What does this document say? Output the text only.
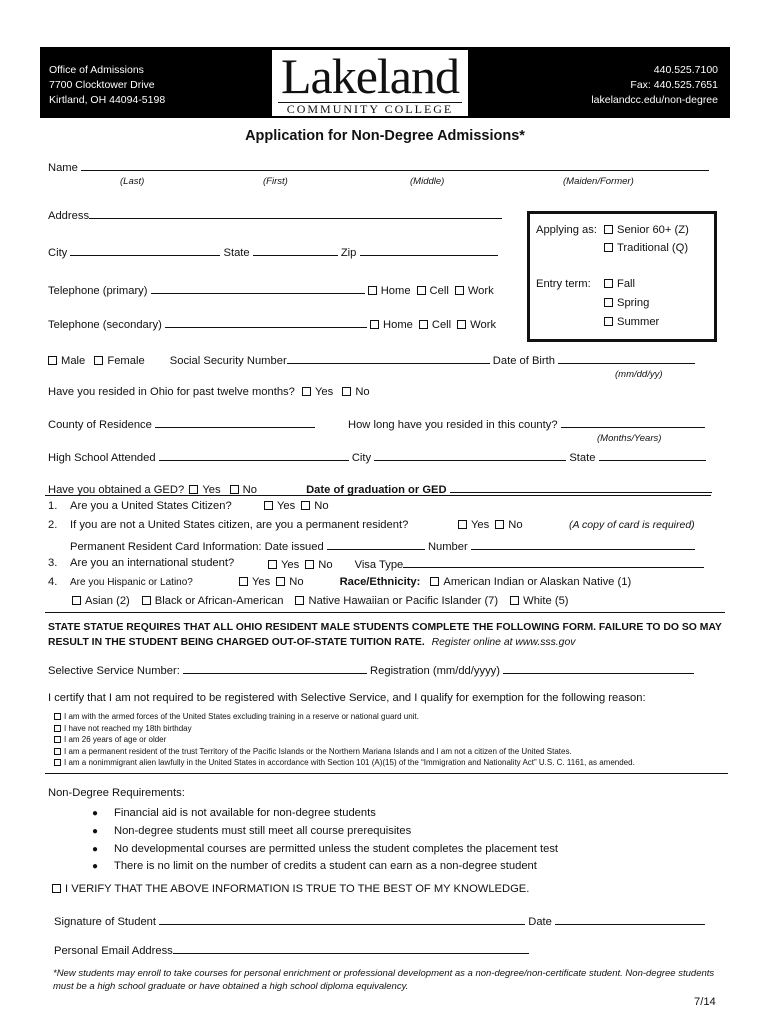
Office of Admissions
7700 Clocktower Drive
Kirtland, OH 44094-5198 Lakeland
COMMUNITY COLLEGE
440.525.7100
Fax: 440.525.7651
lakelandcc.edu/non-degree
Application for Non-Degree Admissions*
Name
(Last)	(First)	(Middle)	(Maiden/Former)
Address
City	State	Zip
Telephone (primary)	Home Cell Work
Telephone (secondary)	Home Cell Work
Applying as:	Senior 60+ (Z)
Traditional (Q)
Entry term:	Fall
Spring
Summer
Male Female Social Security Number	Date of Birth
(mm/dd/yy)
Have you resided in Ohio for past twelve months? Yes No
County of Residence	How long have you resided in this county?
(Months/Years)
High School Attended	City	State
Have you obtained a GED? Yes No	Date of graduation or GED
1. Are you a United States Citizen?	Yes No
2. If you are not a United States citizen, are you a permanent resident?	Yes No	(A copy of card is required)
Permanent Resident Card Information: Date issued	Number
3. Are you an international student?	Yes No Visa Type
4. Are you Hispanic or Latino?	Yes No	Race/Ethnicity: American Indian or Alaskan Native (1)
Asian (2) Black or African-American Native Hawaiian or Pacific Islander (7) White (5)
STATE STATUE REQUIRES THAT ALL OHIO RESIDENT MALE STUDENTS COMPLETE THE FOLLOWING FORM. FAILURE TO DO SO MAY
RESULT IN THE STUDENT BEING CHARGED OUT-OF-STATE TUITION RATE. Register online at www.sss.gov
Selective Service Number:	Registration (mm/dd/yyyy)
I certify that I am not required to be registered with Selective Service, and I qualify for exemption for the following reason:
I am with the armed forces of the United States excluding training in a reserve or national guard unit.
I have not reached my 18th birthday
I am 26 years of age or older
I am a permanent resident of the trust Territory of the Pacific Islands or the Northern Mariana Islands and I am not a citizen of the United States.
I am a nonimmigrant alien lawfully in the United States in accordance with Section 101 (A)(15) of the “Immigration and Nationality Act” U.S. C. 1161, as amended.
Non-Degree Requirements:
● Financial aid is not available for non-degree students
● Non-degree students must still meet all course prerequisites
● No developmental courses are permitted unless the student completes the placement test
● There is no limit on the number of credits a student can earn as a non-degree student
I VERIFY THAT THE ABOVE INFORMATION IS TRUE TO THE BEST OF MY KNOWLEDGE.
Signature of Student	Date
Personal Email Address
*New students may enroll to take courses for personal enrichment or professional development as a non-degree/non-certificate student. Non-degree students must be a high school graduate or have obtained a high school diploma equivalency.
7/14
